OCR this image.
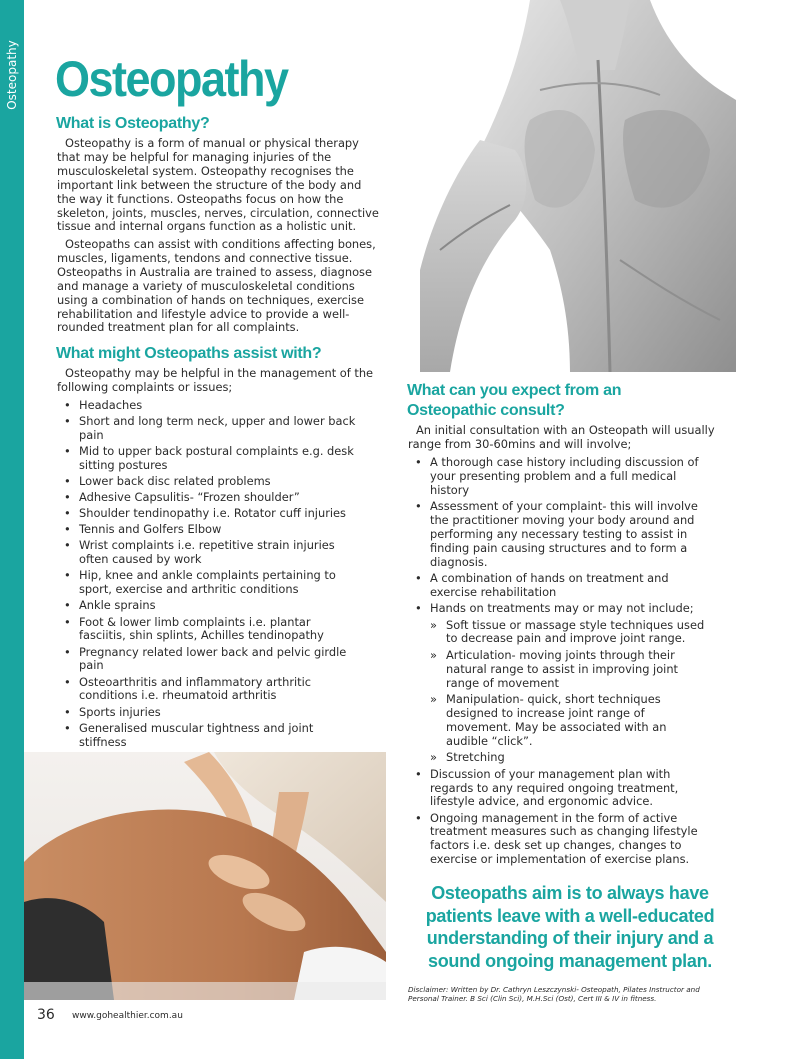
Osteopathy Osteopathy
What is Osteopathy?

Osteopathy is a form of manual or physical therapy that may be helpful for managing injuries of the musculoskeletal system. Osteopathy recognises the important link between the structure of the body and the way it functions. Osteopaths focus on how the skeleton, joints, muscles, nerves, circulation, connective tissue and internal organs function as a holistic unit.

Osteopaths can assist with conditions affecting bones, muscles, ligaments, tendons and connective tissue. Osteopaths in Australia are trained to assess, diagnose and manage a variety of musculoskeletal conditions using a combination of hands on techniques, exercise rehabilitation and lifestyle advice to provide a well-rounded treatment plan for all complaints.

What might Osteopaths assist with?

Osteopathy may be helpful in the management of the following complaints or issues;

• Headaches
• Short and long term neck, upper and lower back pain
• Mid to upper back postural complaints e.g. desk sitting postures
• Lower back disc related problems
• Adhesive Capsulitis- “Frozen shoulder”
• Shoulder tendinopathy i.e. Rotator cuff injuries
• Tennis and Golfers Elbow
• Wrist complaints i.e. repetitive strain injuries often caused by work
• Hip, knee and ankle complaints pertaining to sport, exercise and arthritic conditions
• Ankle sprains
• Foot & lower limb complaints i.e. plantar fasciitis, shin splints, Achilles tendinopathy
• Pregnancy related lower back and pelvic girdle pain
• Osteoarthritis and inflammatory arthritic conditions i.e. rheumatoid arthritis
• Sports injuries
• Generalised muscular tightness and joint stiffness
What can you expect from an Osteopathic consult?

An initial consultation with an Osteopath will usually range from 30-60mins and will involve;

• A thorough case history including discussion of your presenting problem and a full medical history
• Assessment of your complaint- this will involve the practitioner moving your body around and performing any necessary testing to assist in finding pain causing structures and to form a diagnosis.
• A combination of hands on treatment and exercise rehabilitation
• Hands on treatments may or may not include;
» Soft tissue or massage style techniques used to decrease pain and improve joint range.
» Articulation- moving joints through their natural range to assist in improving joint range of movement
» Manipulation- quick, short techniques designed to increase joint range of movement. May be associated with an audible “click”.
» Stretching
• Discussion of your management plan with regards to any required ongoing treatment, lifestyle advice, and ergonomic advice.
• Ongoing management in the form of active treatment measures such as changing lifestyle factors i.e. desk set up changes, changes to exercise or implementation of exercise plans.
Osteopaths aim is to always have patients leave with a well-educated understanding of their injury and a sound ongoing management plan.
Disclaimer: Written by Dr. Cathryn Leszczynski- Osteopath, Pilates Instructor and Personal Trainer. B Sci (Clin Sci), M.H.Sci (Ost), Cert III & IV in fitness.
36 www.gohealthier.com.au
